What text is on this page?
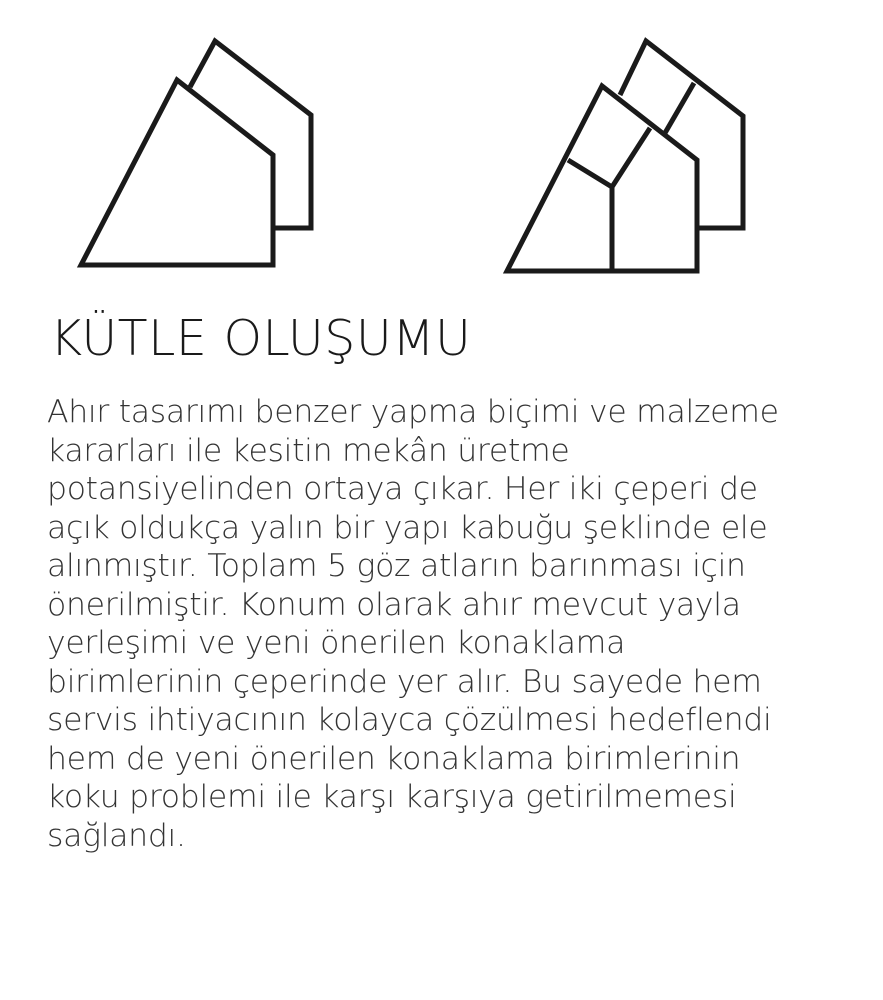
KÜTLE OLUŞUMU
Ahır tasarımı benzer yapma biçimi ve malzeme
kararları ile kesitin mekân üretme
potansiyelinden ortaya çıkar. Her iki çeperi de
açık oldukça yalın bir yapı kabuğu şeklinde ele
alınmıştır. Toplam 5 göz atların barınması için
önerilmiştir. Konum olarak ahır mevcut yayla
yerleşimi ve yeni önerilen konaklama
birimlerinin çeperinde yer alır. Bu sayede hem
servis ihtiyacının kolayca çözülmesi hedeflendi
hem de yeni önerilen konaklama birimlerinin
koku problemi ile karşı karşıya getirilmemesi
sağlandı.
